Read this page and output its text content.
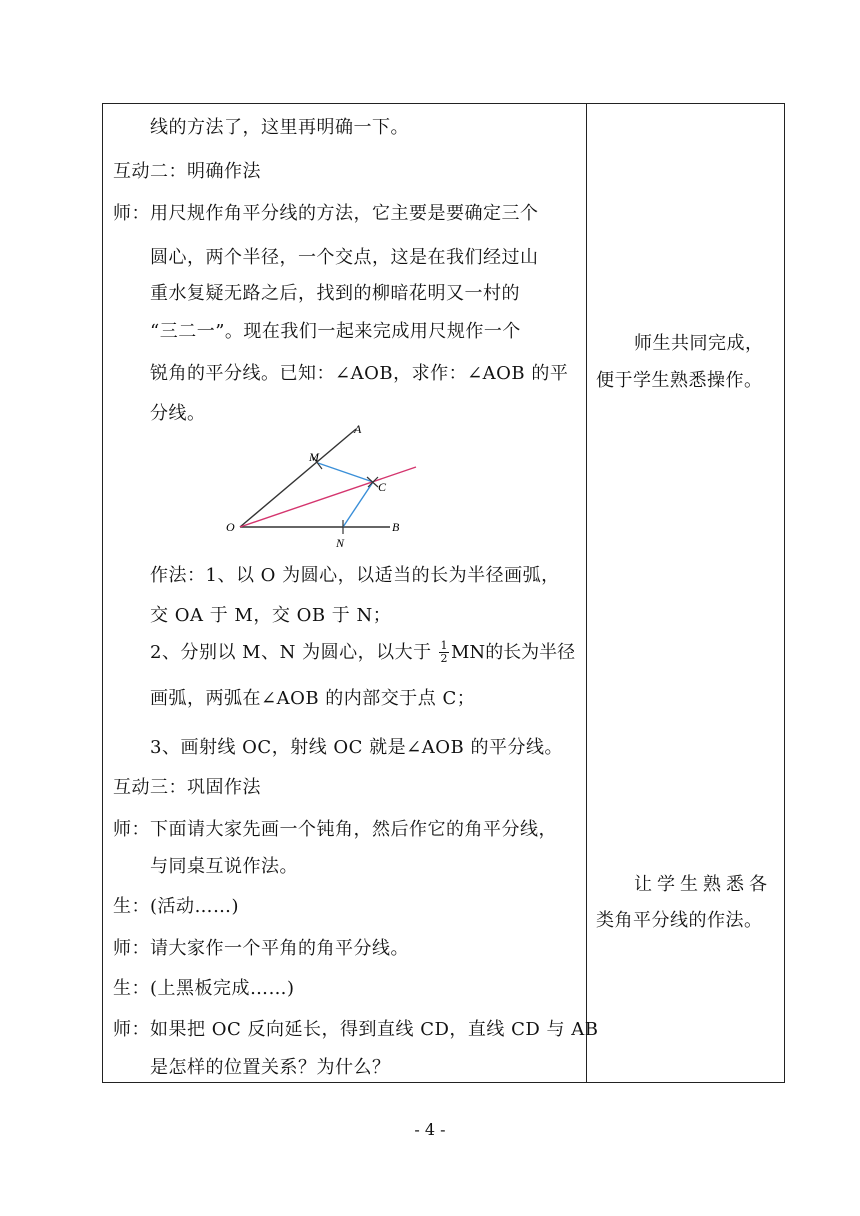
线的方法了，这里再明确一下。
互动二：明确作法
师：用尺规作角平分线的方法，它主要是要确定三个
圆心，两个半径，一个交点，这是在我们经过山
重水复疑无路之后，找到的柳暗花明又一村的
“三二一”。现在我们一起来完成用尺规作一个
锐角的平分线。已知：∠AOB，求作：∠AOB 的平
分线。
A
M
C
O	B
N
作法：1、以 O 为圆心，以适当的长为半径画弧，
交 OA 于 M，交 OB 于 N；
2、分别以 M、N 为圆心，以大于 $\frac{1}{2}$ MN的长为半径
画弧，两弧在∠AOB 的内部交于点 C；
3、画射线 OC，射线 OC 就是∠AOB 的平分线。
互动三：巩固作法
师：下面请大家先画一个钝角，然后作它的角平分线，
与同桌互说作法。
生：(活动……)
师：请大家作一个平角的角平分线。
生：(上黑板完成……)
师：如果把 OC 反向延长，得到直线 CD，直线 CD 与 AB
是怎样的位置关系？为什么？
师生共同完成，
便于学生熟悉操作。
让学生熟悉各
类角平分线的作法。
- 4 -
